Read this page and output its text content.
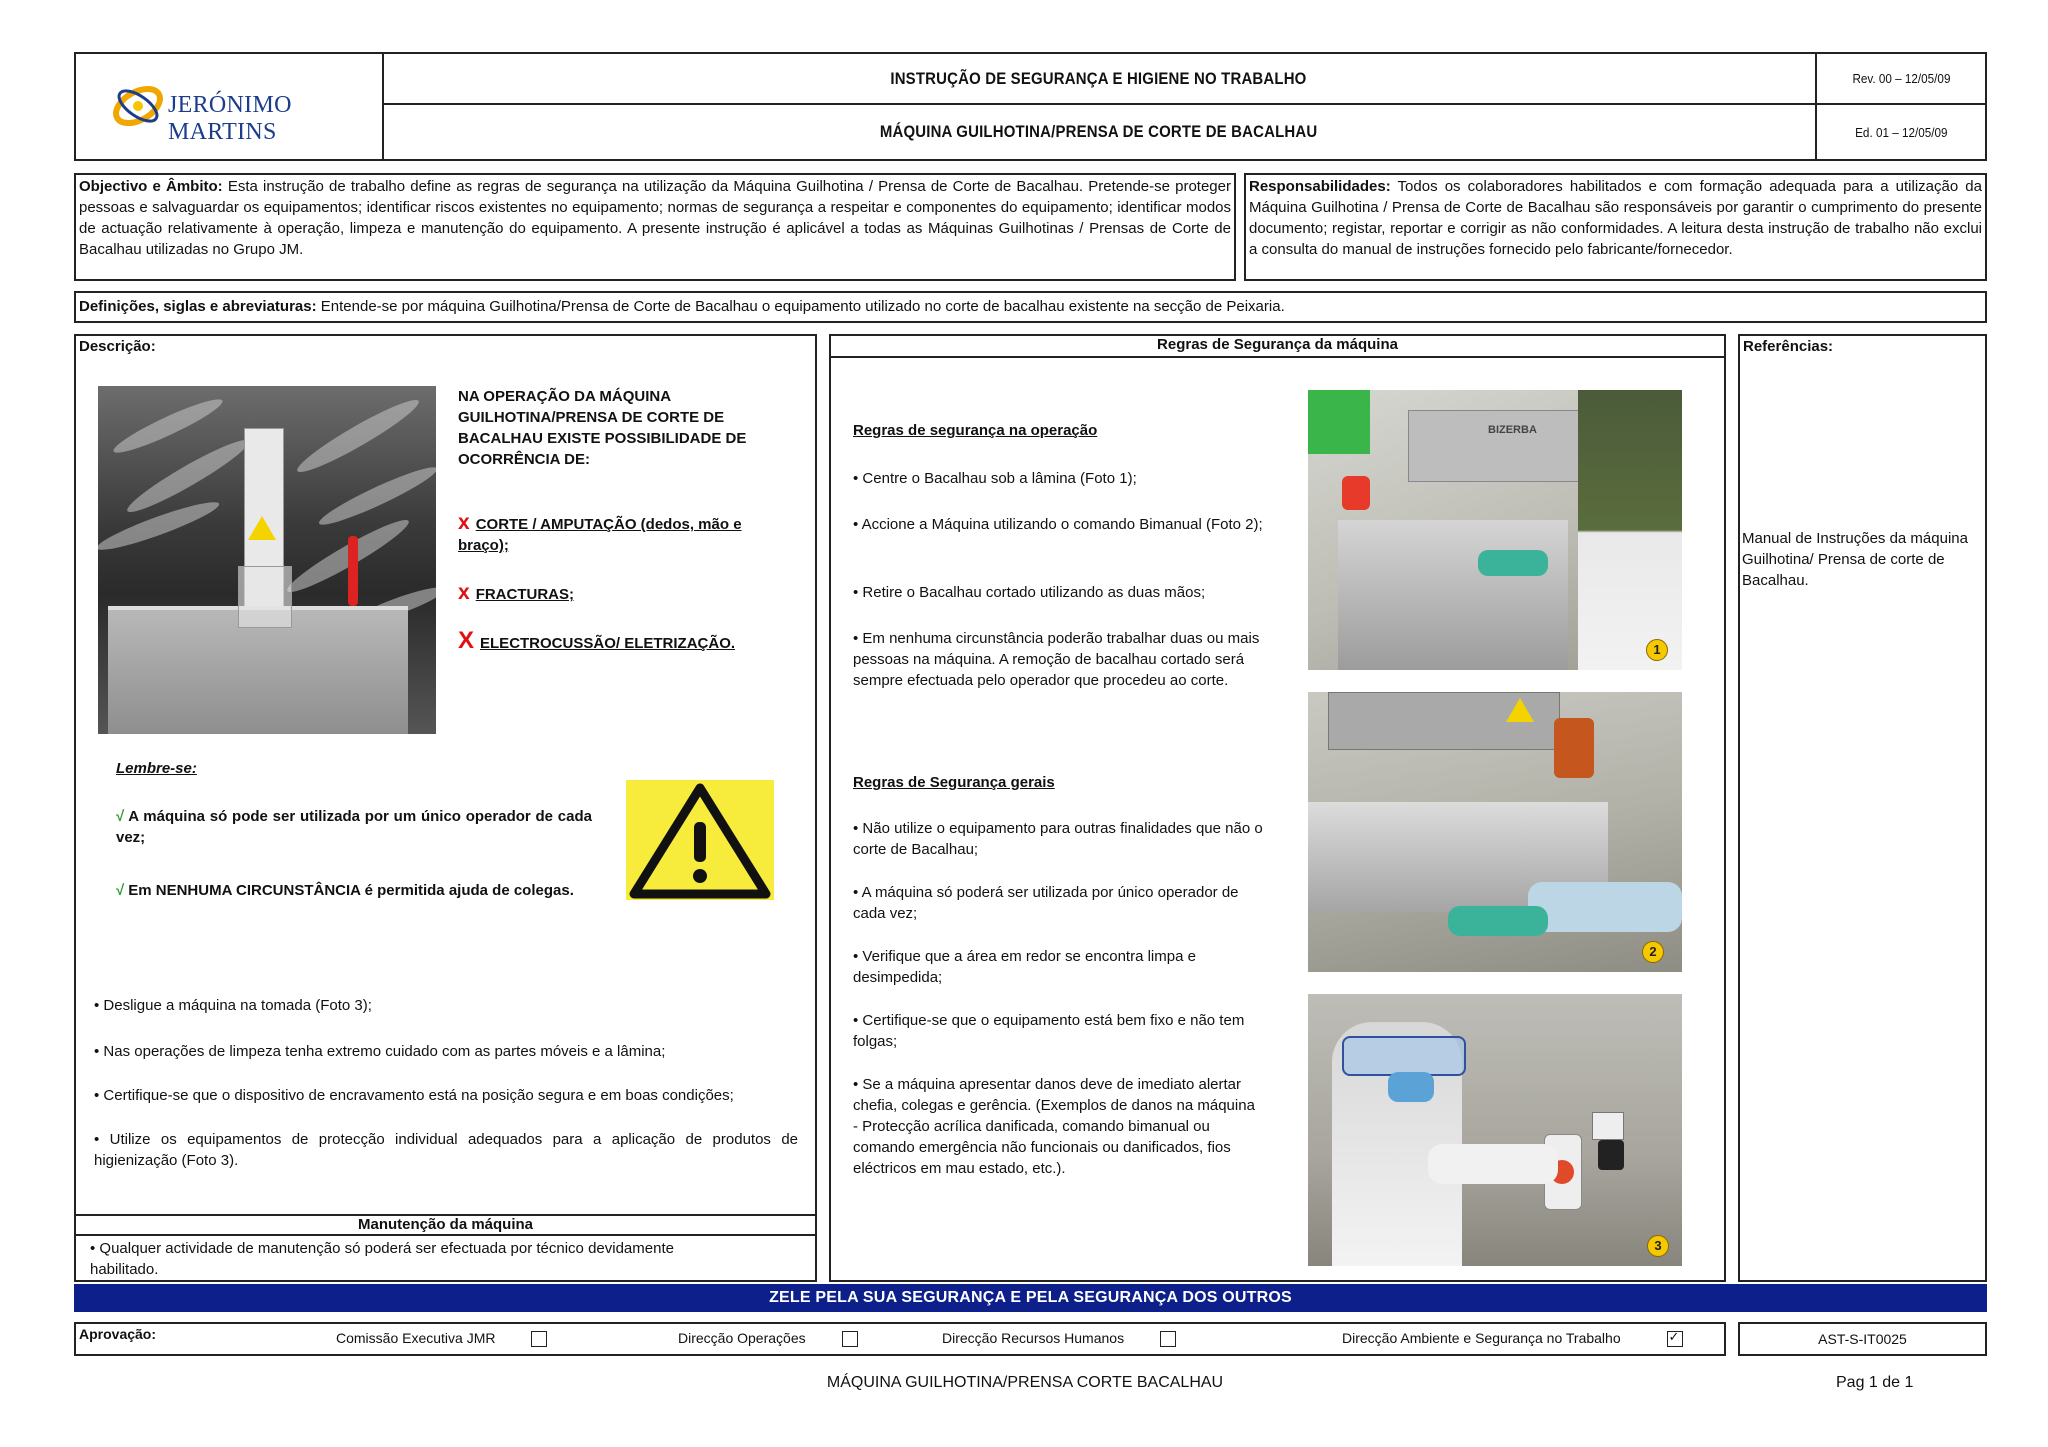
JERÓNIMO MARTINS
INSTRUÇÃO DE SEGURANÇA E HIGIENE NO TRABALHO
MÁQUINA GUILHOTINA/PRENSA DE CORTE DE BACALHAU
Rev. 00 – 12/05/09
Ed. 01 – 12/05/09
Objectivo e Âmbito: Esta instrução de trabalho define as regras de segurança na utilização da Máquina Guilhotina / Prensa de Corte de Bacalhau. Pretende-se proteger pessoas e salvaguardar os equipamentos; identificar riscos existentes no equipamento; normas de segurança a respeitar e componentes do equipamento; identificar modos de actuação relativamente à operação, limpeza e manutenção do equipamento. A presente instrução é aplicável a todas as Máquinas Guilhotinas / Prensas de Corte de Bacalhau utilizadas no Grupo JM.
Responsabilidades: Todos os colaboradores habilitados e com formação adequada para a utilização da Máquina Guilhotina / Prensa de Corte de Bacalhau são responsáveis por garantir o cumprimento do presente documento; registar, reportar e corrigir as não conformidades. A leitura desta instrução de trabalho não exclui a consulta do manual de instruções fornecido pelo fabricante/fornecedor.
Definições, siglas e abreviaturas: Entende-se por máquina Guilhotina/Prensa de Corte de Bacalhau o equipamento utilizado no corte de bacalhau existente na secção de Peixaria.
Descrição:
NA OPERAÇÃO DA MÁQUINA GUILHOTINA/PRENSA DE CORTE DE BACALHAU EXISTE POSSIBILIDADE DE OCORRÊNCIA DE:
x CORTE / AMPUTAÇÃO (dedos, mão e braço);
x FRACTURAS;
XELECTROCUSSÃO/ ELETRIZAÇÃO.
Lembre-se:
√ A máquina só pode ser utilizada por um único operador de cada vez;
√ Em NENHUMA CIRCUNSTÂNCIA é permitida ajuda de colegas.
• Desligue a máquina na tomada (Foto 3);
• Nas operações de limpeza tenha extremo cuidado com as partes móveis e a lâmina;
• Certifique-se que o dispositivo de encravamento está na posição segura e em boas condições;
• Utilize os equipamentos de protecção individual adequados para a aplicação de produtos de higienização (Foto 3).
Manutenção da máquina
• Qualquer actividade de manutenção só poderá ser efectuada por técnico devidamente habilitado.
Regras de Segurança da máquina
Regras de segurança na operação
• Centre o Bacalhau sob a lâmina (Foto 1);
• Accione a Máquina utilizando o comando Bimanual (Foto 2);
• Retire o Bacalhau cortado utilizando as duas mãos;
• Em nenhuma circunstância poderão trabalhar duas ou mais pessoas na máquina. A remoção de bacalhau cortado será sempre efectuada pelo operador que procedeu ao corte.
Regras de Segurança gerais
• Não utilize o equipamento para outras finalidades que não o corte de Bacalhau;
• A máquina só poderá ser utilizada por único operador de cada vez;
• Verifique que a área em redor se encontra limpa e desimpedida;
• Certifique-se que o equipamento está bem fixo e não tem folgas;
• Se a máquina apresentar danos deve de imediato alertar chefia, colegas e gerência. (Exemplos de danos na máquina - Protecção acrílica danificada, comando bimanual ou comando emergência não funcionais ou danificados, fios eléctricos em mau estado, etc.).
BIZERBA
1
2
3
Referências:
Manual de Instruções da máquina Guilhotina/ Prensa de corte de Bacalhau.
ZELE PELA SUA SEGURANÇA E PELA SEGURANÇA DOS OUTROS
Aprovação:	Comissão Executiva JMR	Direcção Operações	Direcção Recursos Humanos	Direcção Ambiente e Segurança no Trabalho ✓	AST-S-IT0025
MÁQUINA GUILHOTINA/PRENSA CORTE BACALHAU	Pag 1 de 1
